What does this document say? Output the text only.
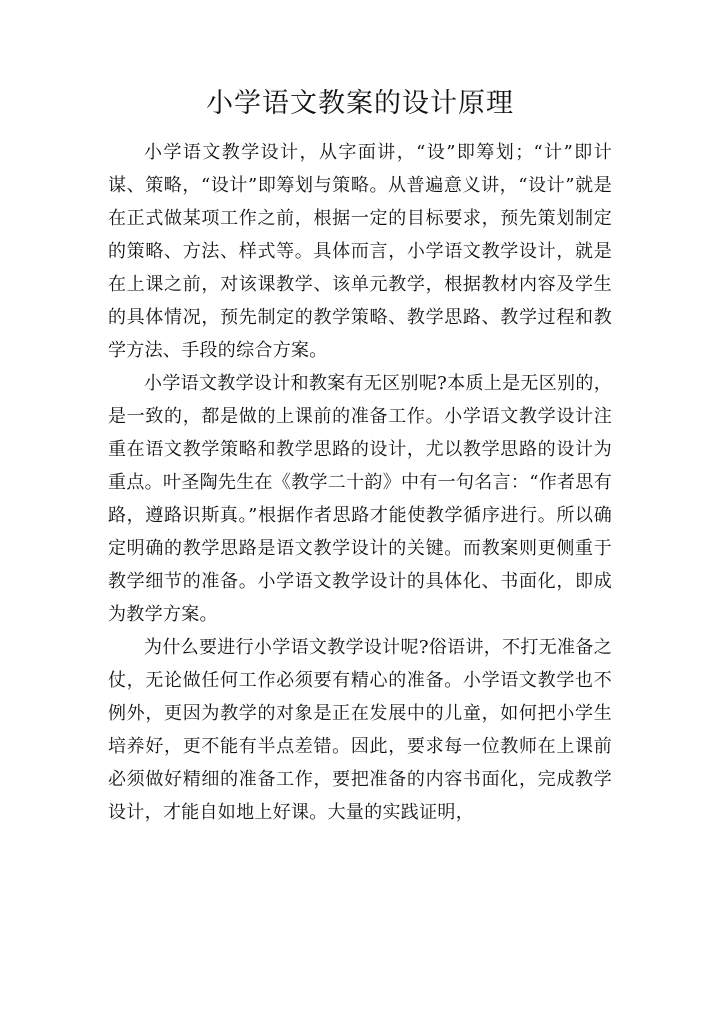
小学语文教案的设计原理

小学语文教学设计，从字面讲，“设”即筹划；“计”即计谋、策略，“设计”即筹划与策略。从普遍意义讲，“设计”就是在正式做某项工作之前，根据一定的目标要求，预先策划制定的策略、方法、样式等。具体而言，小学语文教学设计，就是在上课之前，对该课教学、该单元教学，根据教材内容及学生的具体情况，预先制定的教学策略、教学思路、教学过程和教学方法、手段的综合方案。

小学语文教学设计和教案有无区别呢?本质上是无区别的，是一致的，都是做的上课前的准备工作。小学语文教学设计注重在语文教学策略和教学思路的设计，尤以教学思路的设计为重点。叶圣陶先生在《教学二十韵》中有一句名言：“作者思有路，遵路识斯真。”根据作者思路才能使教学循序进行。所以确定明确的教学思路是语文教学设计的关键。而教案则更侧重于教学细节的准备。小学语文教学设计的具体化、书面化，即成为教学方案。

为什么要进行小学语文教学设计呢?俗语讲，不打无准备之仗，无论做任何工作必须要有精心的准备。小学语文教学也不例外，更因为教学的对象是正在发展中的儿童，如何把小学生培养好，更不能有半点差错。因此，要求每一位教师在上课前必须做好精细的准备工作，要把准备的内容书面化，完成教学设计，才能自如地上好课。大量的实践证明，
